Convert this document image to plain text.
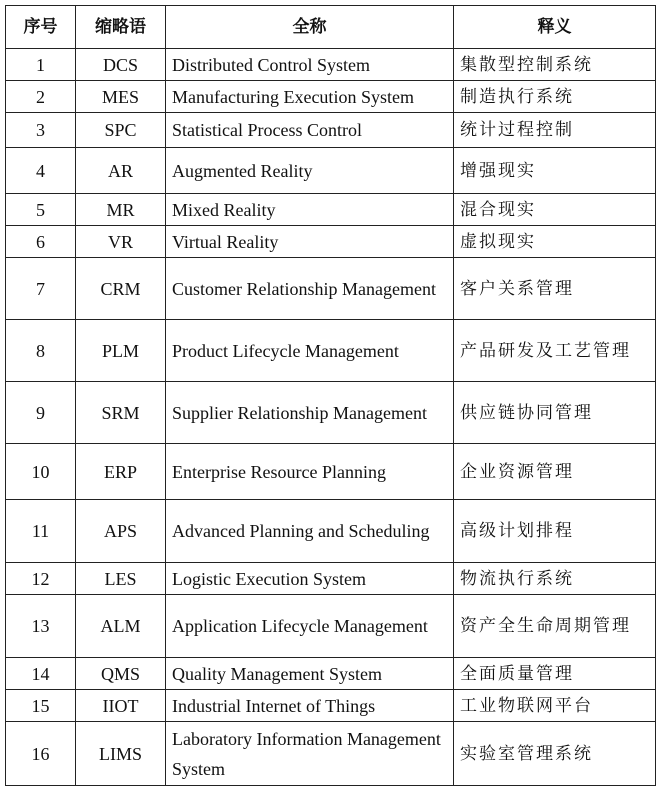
序号	缩略语	全称	释义
1	DCS	Distributed Control System	集散型控制系统
2	MES	Manufacturing Execution System	制造执行系统
3	SPC	Statistical Process Control	统计过程控制
4	AR	Augmented Reality	增强现实
5	MR	Mixed Reality	混合现实
6	VR	Virtual Reality	虚拟现实
7	CRM	Customer Relationship Management	客户关系管理
8	PLM	Product Lifecycle Management	产品研发及工艺管理
9	SRM	Supplier Relationship Management	供应链协同管理
10	ERP	Enterprise Resource Planning	企业资源管理
11	APS	Advanced Planning and Scheduling	高级计划排程
12	LES	Logistic Execution System	物流执行系统
13	ALM	Application Lifecycle Management	资产全生命周期管理
14	QMS	Quality Management System	全面质量管理
15	IIOT	Industrial Internet of Things	工业物联网平台
16	LIMS	Laboratory Information Management System	实验室管理系统
